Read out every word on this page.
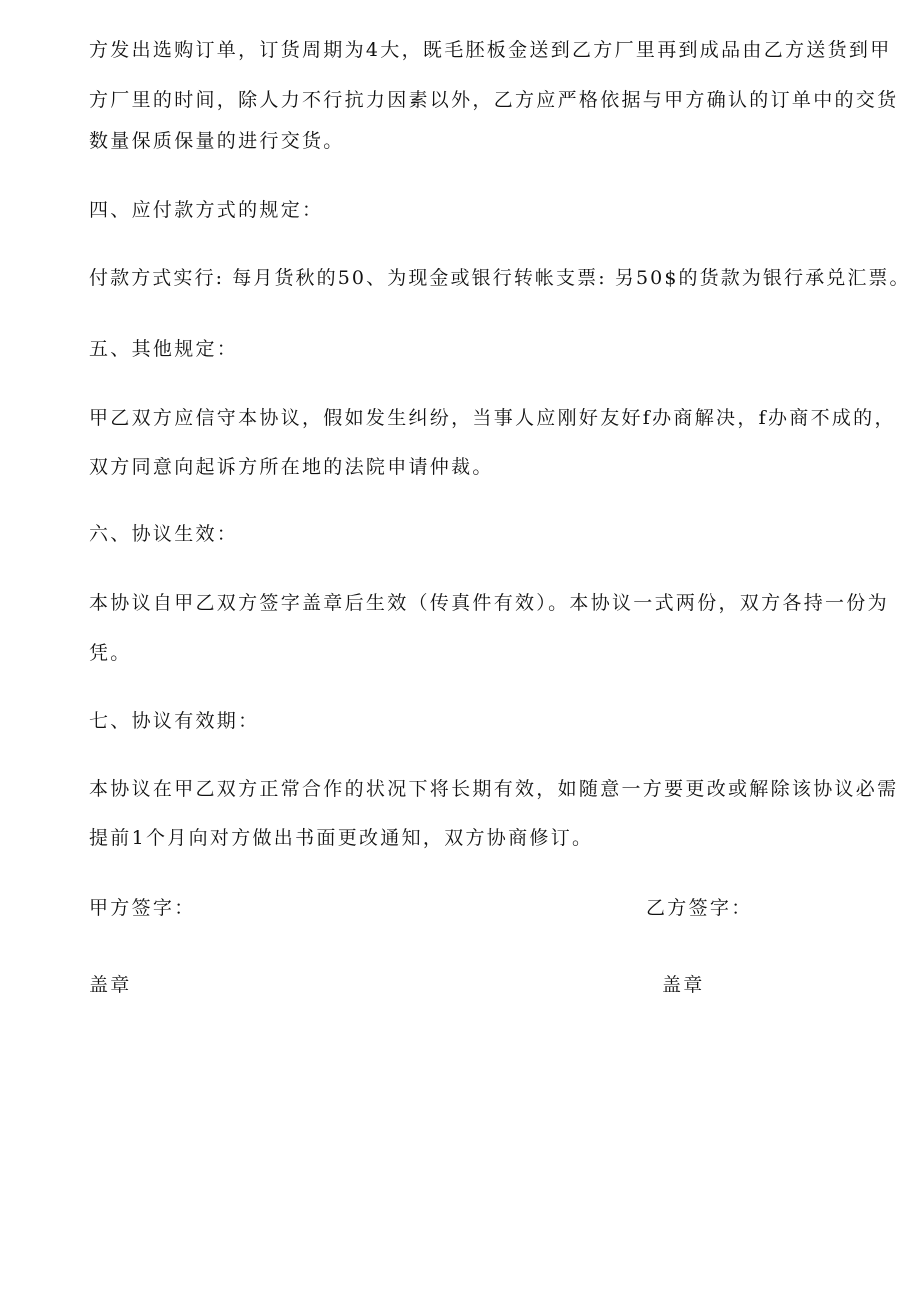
方发出选购订单，订货周期为4大，既毛胚板金送到乙方厂里再到成品由乙方送货到甲
方厂里的时间，除人力不行抗力因素以外，乙方应严格依据与甲方确认的订单中的交货
数量保质保量的进行交货。
四、应付款方式的规定：
付款方式实行: 每月货秋的50、为现金或银行转帐支票: 另50$的货款为银行承兑汇票。
五、其他规定：
甲乙双方应信守本协议，假如发生纠纷，当事人应刚好友好f办商解决，f办商不成的，
双方同意向起诉方所在地的法院申请仲裁。
六、协议生效：
本协议自甲乙双方签字盖章后生效（传真件有效）。本协议一式两份，双方各持一份为
凭。
七、协议有效期：
本协议在甲乙双方正常合作的状况下将长期有效，如随意一方要更改或解除该协议必需
提前1个月向对方做出书面更改通知，双方协商修订。
甲方签字：	乙方签字：
盖章	盖章
